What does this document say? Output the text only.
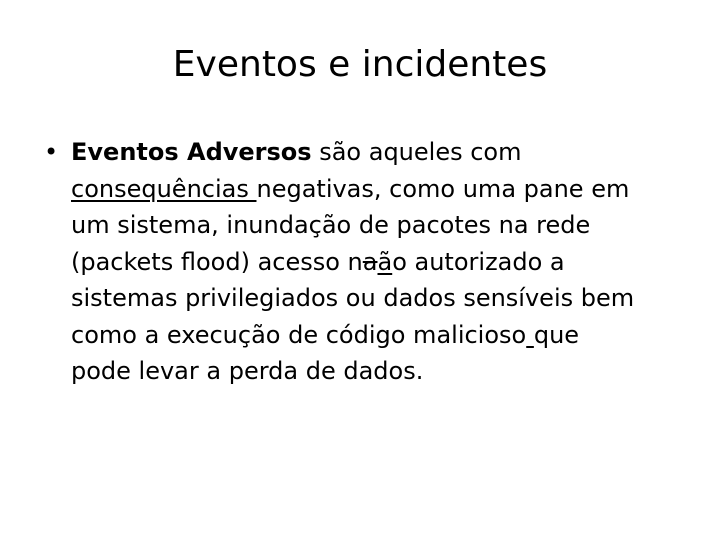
Eventos e incidentes
• Eventos Adversos são aqueles com
consequências negativas, como uma pane em
um sistema, inundação de pacotes na rede
(packets flood) acesso naão autorizado a
sistemas privilegiados ou dados sensíveis bem
como a execução de código malicioso que
pode levar a perda de dados.
